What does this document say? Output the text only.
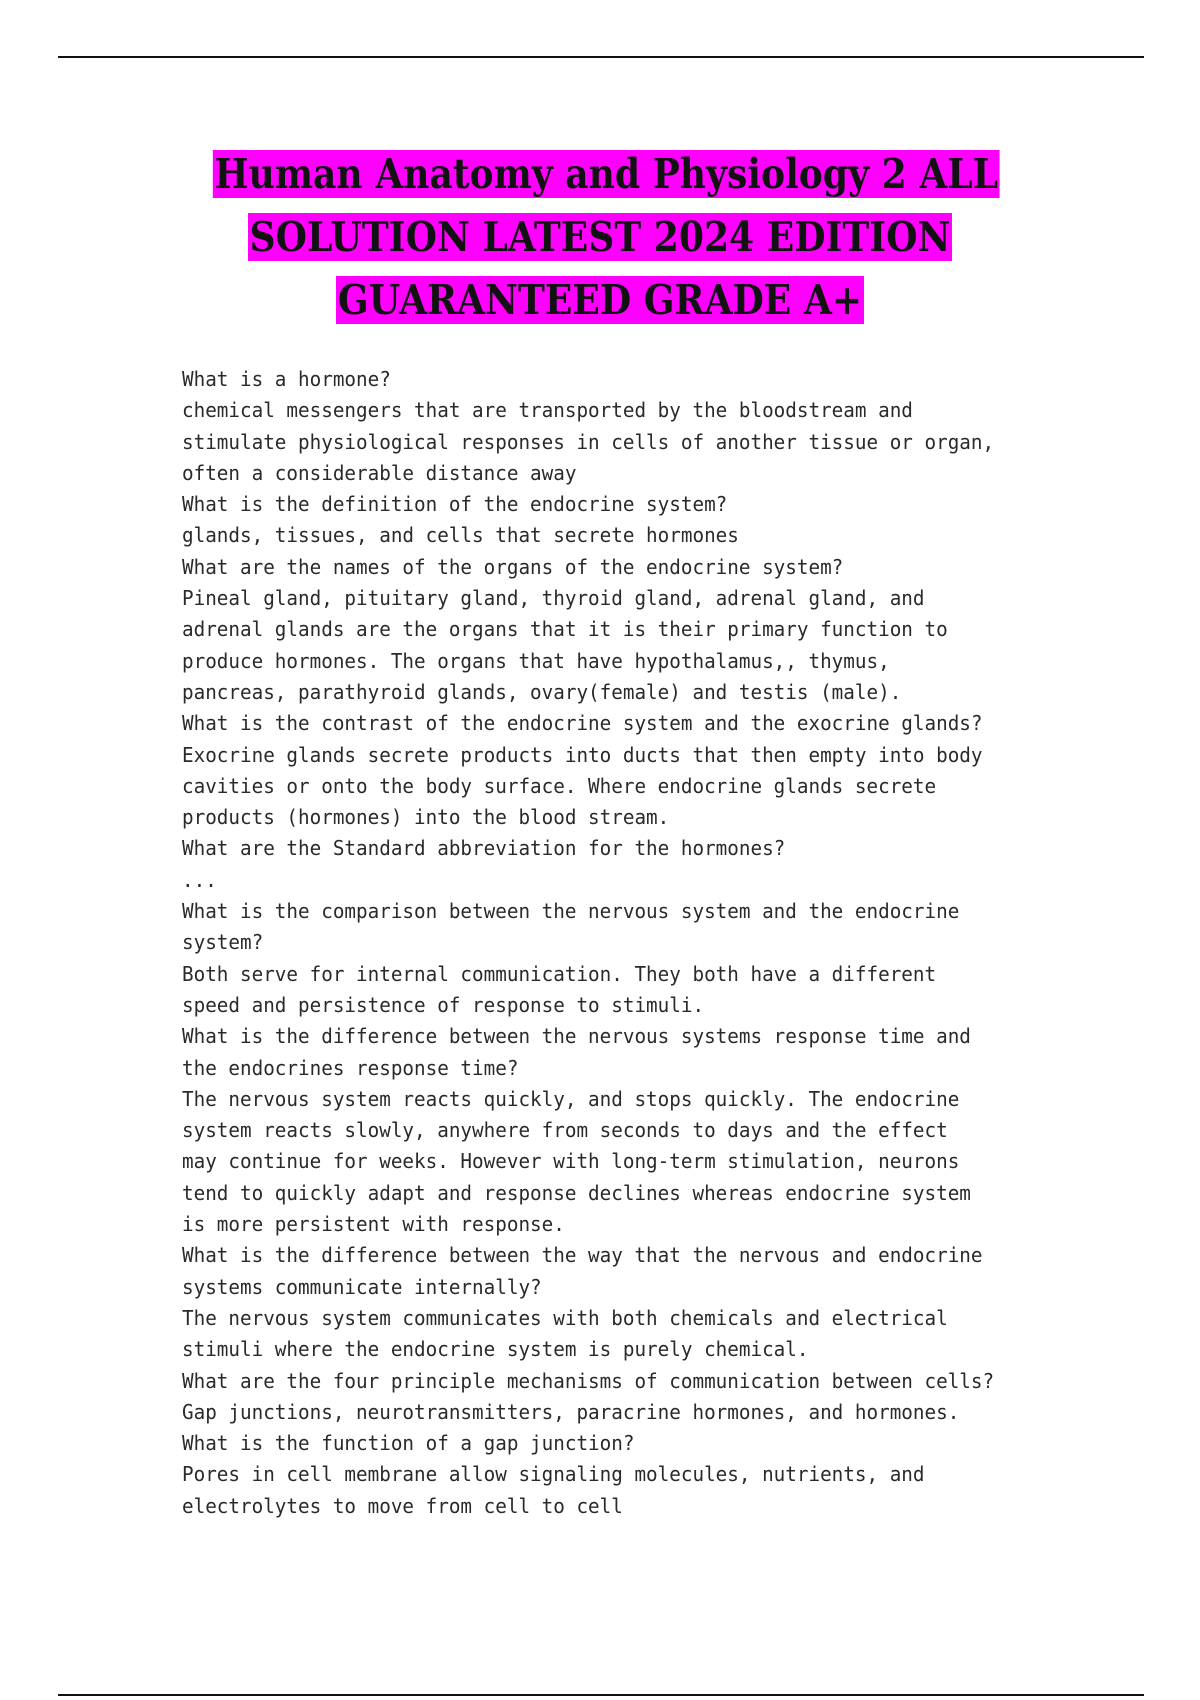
Human Anatomy and Physiology 2 ALL
SOLUTION LATEST 2024 EDITION
GUARANTEED GRADE A+
What is a hormone?
chemical messengers that are transported by the bloodstream and
stimulate physiological responses in cells of another tissue or organ,
often a considerable distance away
What is the definition of the endocrine system?
glands, tissues, and cells that secrete hormones
What are the names of the organs of the endocrine system?
Pineal gland, pituitary gland, thyroid gland, adrenal gland, and
adrenal glands are the organs that it is their primary function to
produce hormones. The organs that have hypothalamus,, thymus,
pancreas, parathyroid glands, ovary(female) and testis (male).
What is the contrast of the endocrine system and the exocrine glands?
Exocrine glands secrete products into ducts that then empty into body
cavities or onto the body surface. Where endocrine glands secrete
products (hormones) into the blood stream.
What are the Standard abbreviation for the hormones?
...
What is the comparison between the nervous system and the endocrine
system?
Both serve for internal communication. They both have a different
speed and persistence of response to stimuli.
What is the difference between the nervous systems response time and
the endocrines response time?
The nervous system reacts quickly, and stops quickly. The endocrine
system reacts slowly, anywhere from seconds to days and the effect
may continue for weeks. However with long-term stimulation, neurons
tend to quickly adapt and response declines whereas endocrine system
is more persistent with response.
What is the difference between the way that the nervous and endocrine
systems communicate internally?
The nervous system communicates with both chemicals and electrical
stimuli where the endocrine system is purely chemical.
What are the four principle mechanisms of communication between cells?
Gap junctions, neurotransmitters, paracrine hormones, and hormones.
What is the function of a gap junction?
Pores in cell membrane allow signaling molecules, nutrients, and
electrolytes to move from cell to cell
